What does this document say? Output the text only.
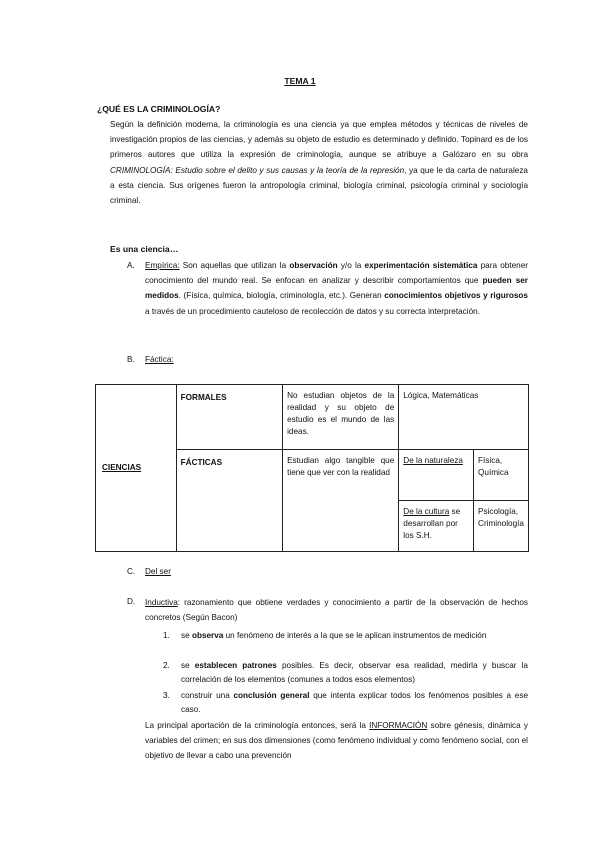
TEMA 1
¿QUÉ ES LA CRIMINOLOGÍA?
Según la definición moderna, la criminología es una ciencia ya que emplea métodos y técnicas de niveles de investigación propios de las ciencias, y además su objeto de estudio es determinado y definido. Topinard es de los primeros autores que utiliza la expresión de criminología, aunque se atribuye a Galózaro en su obra CRIMINOLOGÍA: Estudio sobre el delito y sus causas y la teoría de la represión, ya que le da carta de naturaleza a esta ciencia. Sus orígenes fueron la antropología criminal, biología criminal, psicología criminal y sociología criminal.
Es una ciencia…
A. Empírica: Son aquellas que utilizan la observación y/o la experimentación sistemática para obtener conocimiento del mundo real. Se enfocan en analizar y describir comportamientos que pueden ser medidos. (Física, química, biología, criminología, etc.). Generan conocimientos objetivos y rigurosos a través de un procedimiento cauteloso de recolección de datos y su correcta interpretación.
B. Fáctica:
CIENCIAS	FORMALES	No estudian objetos de la realidad y su objeto de estudio es el mundo de las ideas.	Lógica, Matemáticas	
	FÁCTICAS	Estudian algo tangible que tiene que ver con la realidad	De la naturaleza	Física, Química
			De la cultura se desarrollan por los S.H.	Psicología, Criminología
C. Del ser
D. Inductiva: razonamiento que obtiene verdades y conocimiento a partir de la observación de hechos concretos (Según Bacon)
1. se observa un fenómeno de interés a la que se le aplican instrumentos de medición
2. se establecen patrones posibles. Es decir, observar esa realidad, medirla y buscar la correlación de los elementos (comunes a todos esos elementos)
3. construir una conclusión general que intenta explicar todos los fenómenos posibles a ese caso.
La principal aportación de la criminología entonces, será la INFORMACIÓN sobre génesis, dinámica y variables del crimen; en sus dos dimensiones (como fenómeno individual y como fenómeno social, con el objetivo de llevar a cabo una prevención
